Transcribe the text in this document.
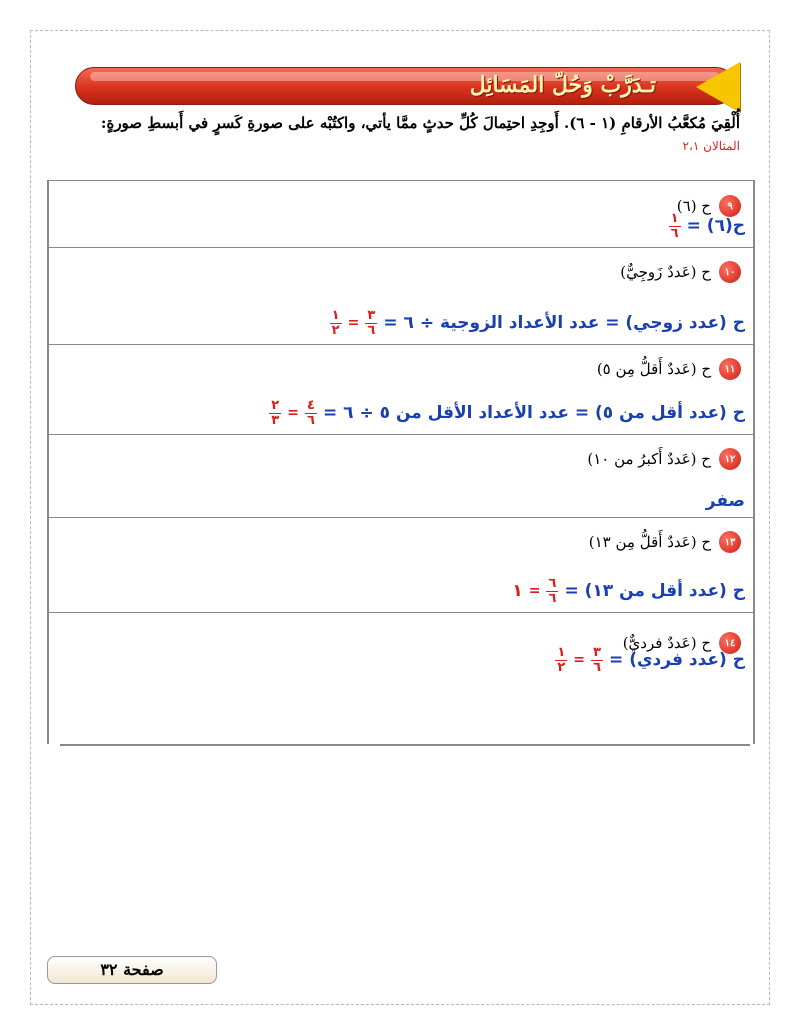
تـدَرَّبْ وَحُلّ المَسَائِل
أُلْقِيَ مُكعَّبُ الأرقامِ (١ - ٦). أَوجِدِ احتِمالَ كُلِّ حدثٍ ممَّا يأتي، واكتُبْه على صورةِ كَسرٍ في أَبسطِ صورةٍ: المثالان ٢،١
٩
ح (٦)
ح(٦) =
$\frac{١}{٦}$
١٠
ح (عَددٌ زَوجِيٌّ)
ح (عدد زوجي) = عدد الأعداد الزوجية ÷ ٦ =
$\frac{٣}{٦}$
=
$\frac{١}{٢}$
١١
ح (عَددٌ أَقلُّ مِن ٥)
ح (عدد أقل من ٥) = عدد الأعداد الأقل من ٥ ÷ ٦ =
$\frac{٤}{٦}$
=
$\frac{٢}{٣}$
١٢
ح (عَددٌ أَكبرُ من ١٠)
صفر
١٣
ح (عَددٌ أَقلُّ مِن ١٣)
ح (عدد أقل من ١٣) =
$\frac{٦}{٦}$
=
١
١٤
ح (عَددٌ فرديٌّ)
ح (عدد فردي) =
$\frac{٣}{٦}$
=
$\frac{١}{٢}$
صفحة ٣٢
